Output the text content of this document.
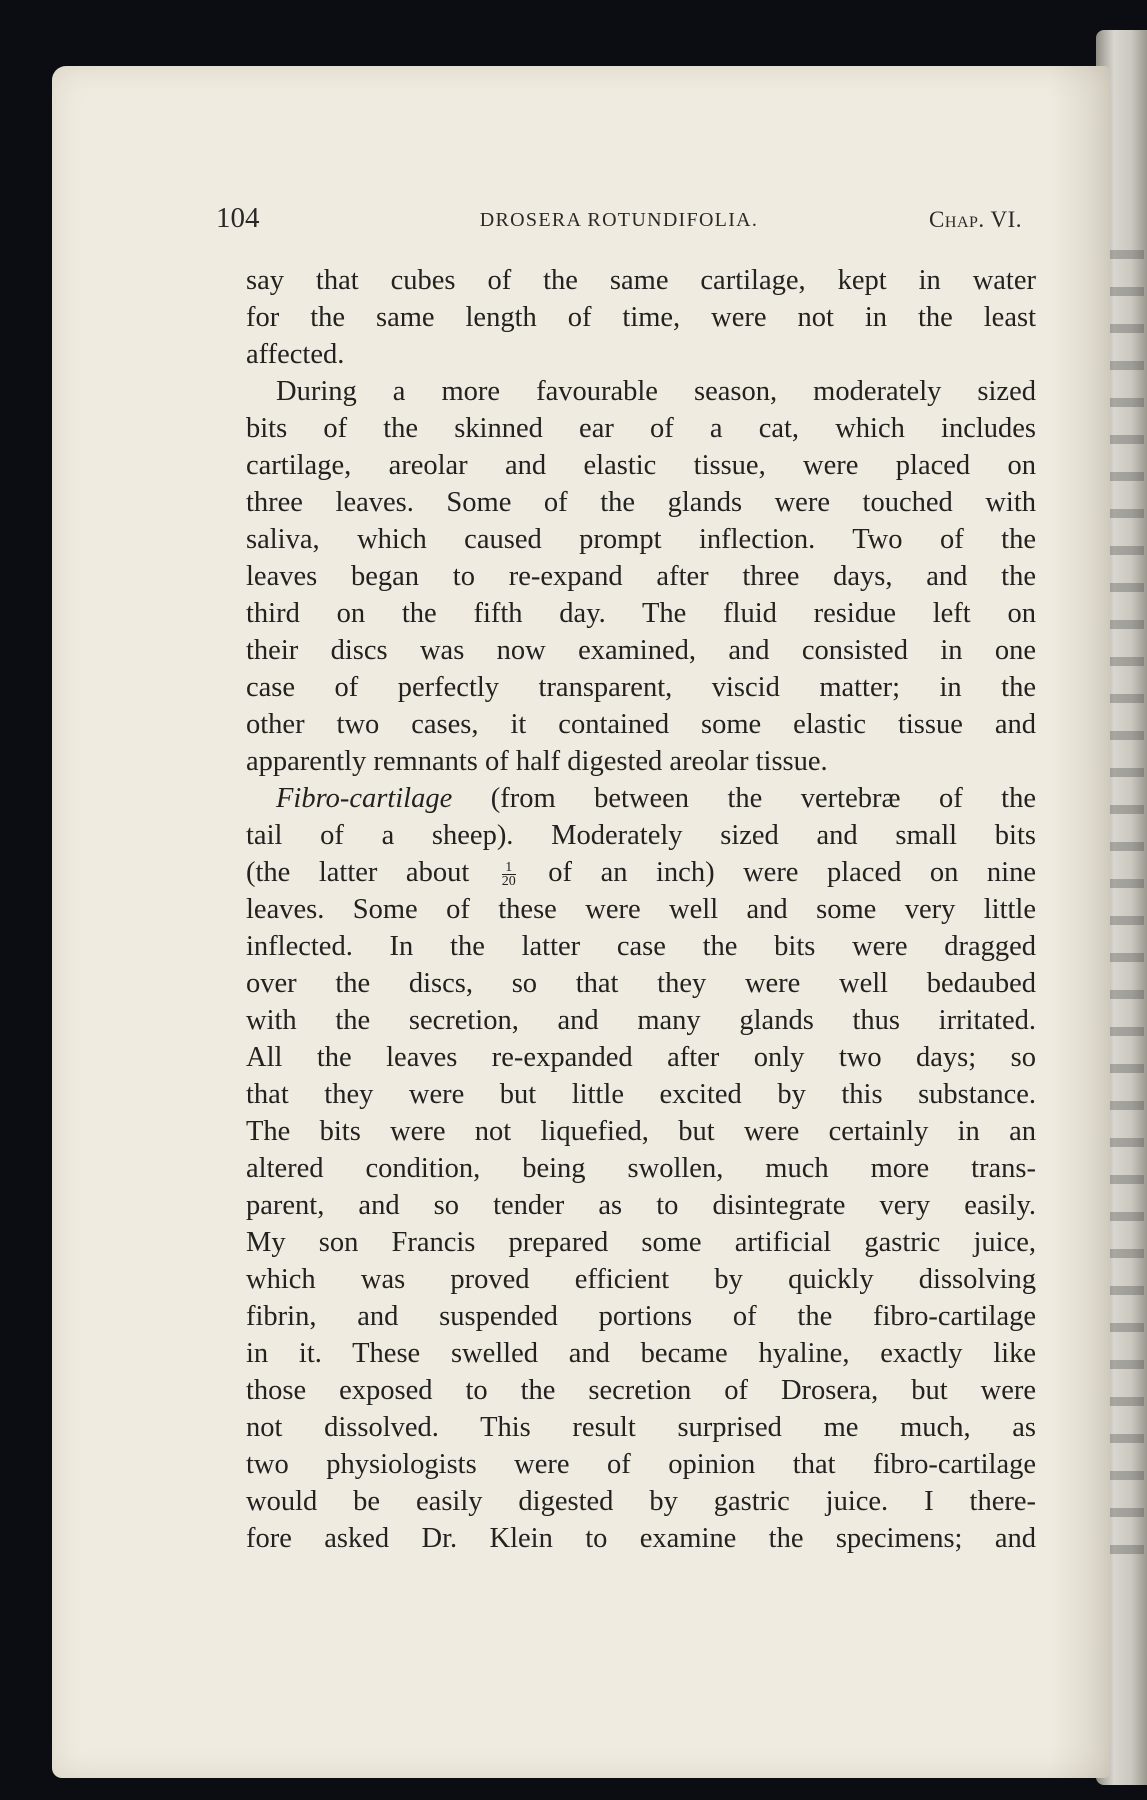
104	DROSERA ROTUNDIFOLIA.	Chap. VI.
say that cubes of the same cartilage, kept in water
for the same length of time, were not in the least
affected.
During a more favourable season, moderately sized
bits of the skinned ear of a cat, which includes
cartilage, areolar and elastic tissue, were placed on
three leaves. Some of the glands were touched with
saliva, which caused prompt inflection. Two of the
leaves began to re-expand after three days, and the
third on the fifth day. The fluid residue left on
their discs was now examined, and consisted in one
case of perfectly transparent, viscid matter; in the
other two cases, it contained some elastic tissue and
apparently remnants of half digested areolar tissue.
Fibro-cartilage (from between the vertebræ of the
tail of a sheep). Moderately sized and small bits
(the latter about $\frac{1}{20}$ of an inch) were placed on nine
leaves. Some of these were well and some very little
inflected. In the latter case the bits were dragged
over the discs, so that they were well bedaubed
with the secretion, and many glands thus irritated.
All the leaves re-expanded after only two days; so
that they were but little excited by this substance.
The bits were not liquefied, but were certainly in an
altered condition, being swollen, much more trans-
parent, and so tender as to disintegrate very easily.
My son Francis prepared some artificial gastric juice,
which was proved efficient by quickly dissolving
fibrin, and suspended portions of the fibro-cartilage
in it. These swelled and became hyaline, exactly like
those exposed to the secretion of Drosera, but were
not dissolved. This result surprised me much, as
two physiologists were of opinion that fibro-cartilage
would be easily digested by gastric juice. I there-
fore asked Dr. Klein to examine the specimens; and
